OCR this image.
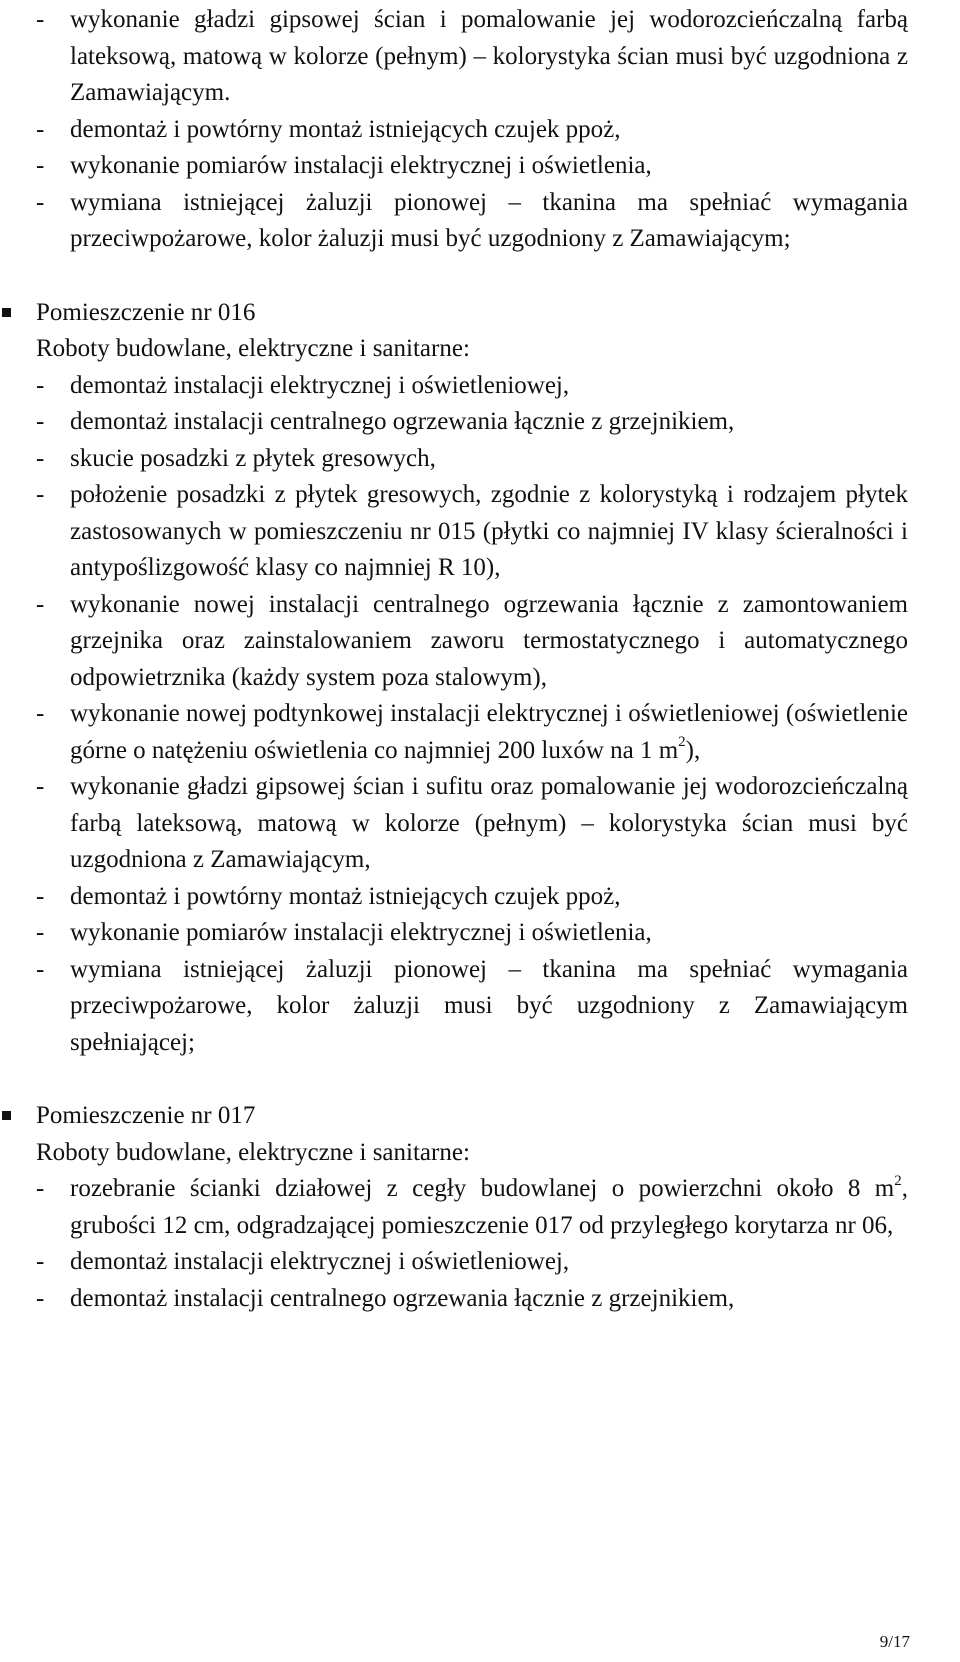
- wykonanie gładzi gipsowej ścian i pomalowanie jej wodorozcieńczalną farbą lateksową, matową w kolorze (pełnym) – kolorystyka ścian musi być uzgodniona z Zamawiającym.
- demontaż i powtórny montaż istniejących czujek ppoż,
- wykonanie pomiarów instalacji elektrycznej i oświetlenia,
- wymiana istniejącej żaluzji pionowej – tkanina ma spełniać wymagania przeciwpożarowe, kolor żaluzji musi być uzgodniony z Zamawiającym;
Pomieszczenie nr 016
Roboty budowlane, elektryczne i sanitarne:
- demontaż instalacji elektrycznej i oświetleniowej,
- demontaż instalacji centralnego ogrzewania łącznie z grzejnikiem,
- skucie posadzki z płytek gresowych,
- położenie posadzki z płytek gresowych, zgodnie z kolorystyką i rodzajem płytek zastosowanych w pomieszczeniu nr 015 (płytki co najmniej IV klasy ścieralności i antypoślizgowość klasy co najmniej R 10),
- wykonanie nowej instalacji centralnego ogrzewania łącznie z zamontowaniem grzejnika oraz zainstalowaniem zaworu termostatycznego i automatycznego odpowietrznika (każdy system poza stalowym),
- wykonanie nowej podtynkowej instalacji elektrycznej i oświetleniowej (oświetlenie górne o natężeniu oświetlenia co najmniej 200 luxów na 1 $m^2$),
- wykonanie gładzi gipsowej ścian i sufitu oraz pomalowanie jej wodorozcieńczalną farbą lateksową, matową w kolorze (pełnym) – kolorystyka ścian musi być uzgodniona z Zamawiającym,
- demontaż i powtórny montaż istniejących czujek ppoż,
- wykonanie pomiarów instalacji elektrycznej i oświetlenia,
- wymiana istniejącej żaluzji pionowej – tkanina ma spełniać wymagania przeciwpożarowe, kolor żaluzji musi być uzgodniony z Zamawiającym spełniającej;
Pomieszczenie nr 017
Roboty budowlane, elektryczne i sanitarne:
- rozebranie ścianki działowej z cegły budowlanej o powierzchni około 8 $m^2$, grubości 12 cm, odgradzającej pomieszczenie 017 od przyległego korytarza nr 06,
- demontaż instalacji elektrycznej i oświetleniowej,
- demontaż instalacji centralnego ogrzewania łącznie z grzejnikiem,
9/17
